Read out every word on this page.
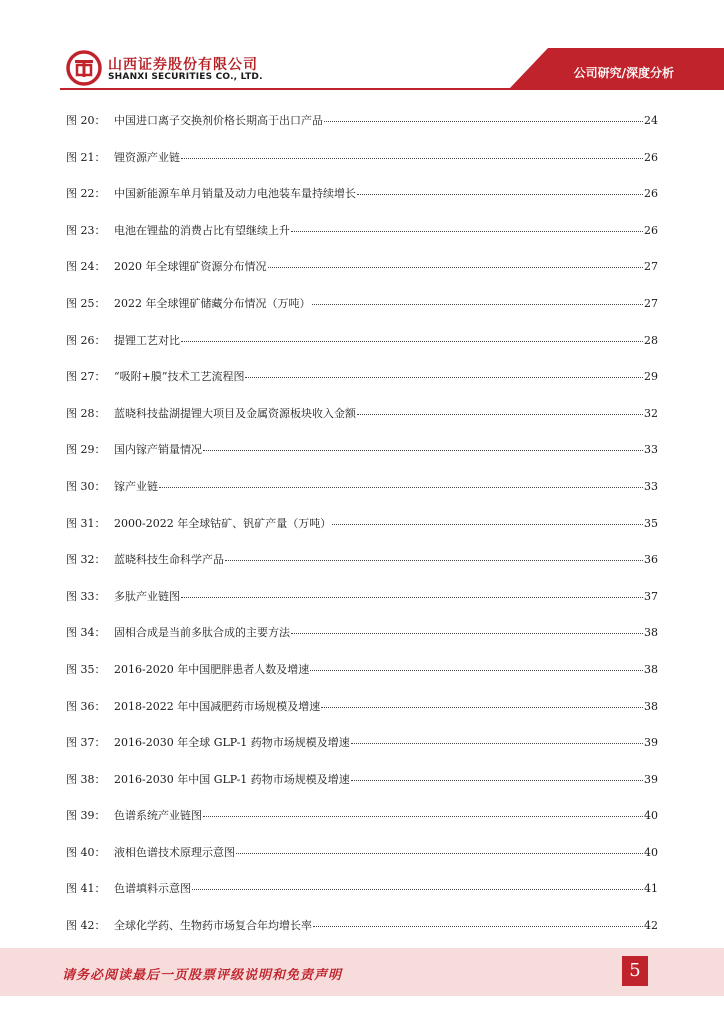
山西证券股份有限公司
SHANXI SECURITIES CO., LTD.	公司研究/深度分析
图 20： 中国进口离子交换剂价格长期高于出口产品	24
图 21： 锂资源产业链	26
图 22： 中国新能源车单月销量及动力电池装车量持续增长	26
图 23： 电池在锂盐的消费占比有望继续上升	26
图 24： 2020 年全球锂矿资源分布情况	27
图 25： 2022 年全球锂矿储藏分布情况（万吨）	27
图 26： 提锂工艺对比	28
图 27： “吸附+膜”技术工艺流程图	29
图 28： 蓝晓科技盐湖提锂大项目及金属资源板块收入金额	32
图 29： 国内镓产销量情况	33
图 30： 镓产业链	33
图 31： 2000-2022 年全球钴矿、钒矿产量（万吨）	35
图 32： 蓝晓科技生命科学产品	36
图 33： 多肽产业链图	37
图 34： 固相合成是当前多肽合成的主要方法	38
图 35： 2016-2020 年中国肥胖患者人数及增速	38
图 36： 2018-2022 年中国减肥药市场规模及增速	38
图 37： 2016-2030 年全球 GLP-1 药物市场规模及增速	39
图 38： 2016-2030 年中国 GLP-1 药物市场规模及增速	39
图 39： 色谱系统产业链图	40
图 40： 液相色谱技术原理示意图	40
图 41： 色谱填料示意图	41
图 42： 全球化学药、生物药市场复合年均增长率	42
请务必阅读最后一页股票评级说明和免责声明	5
